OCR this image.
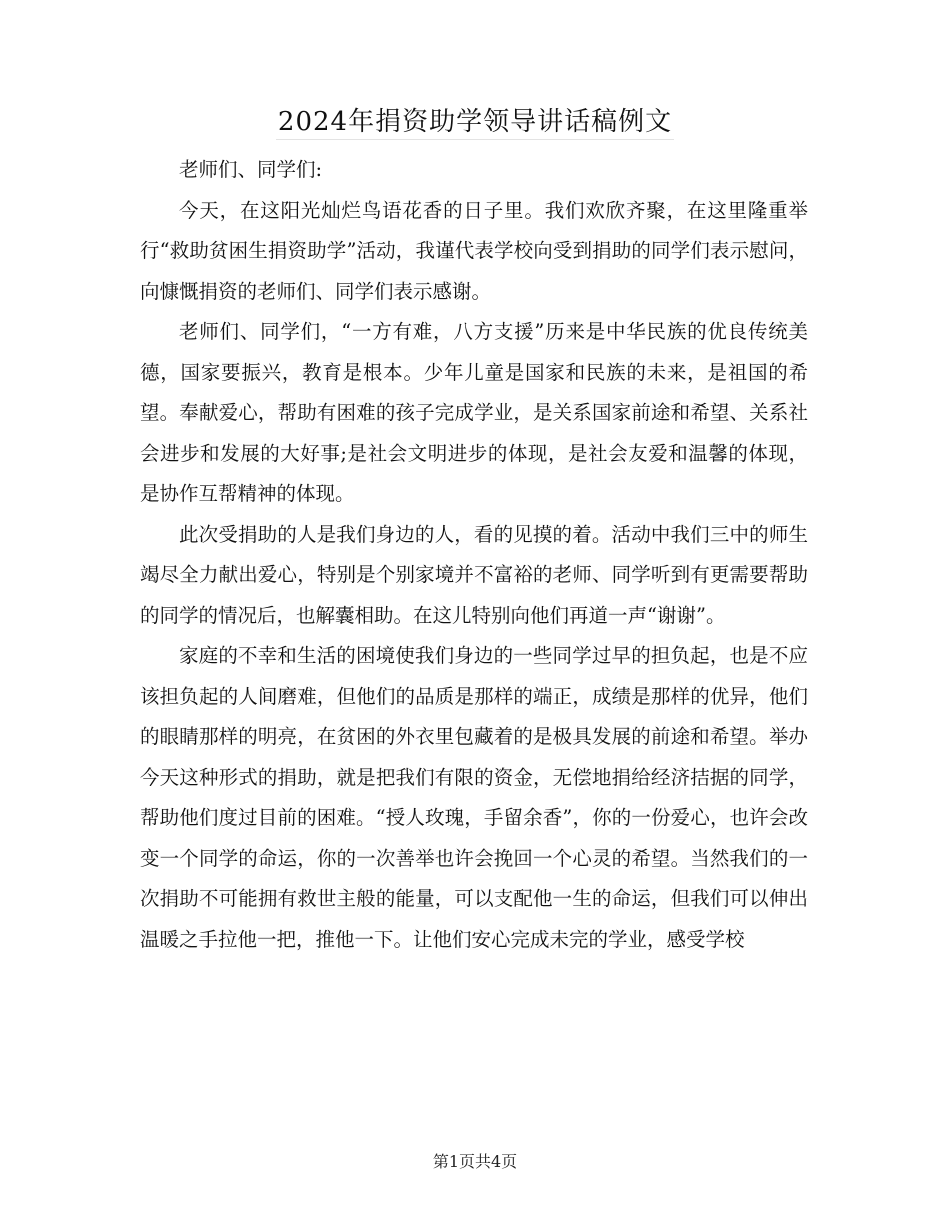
2024年捐资助学领导讲话稿例文

老师们、同学们:

今天，在这阳光灿烂鸟语花香的日子里。我们欢欣齐聚，在这里隆重举行“救助贫困生捐资助学”活动，我谨代表学校向受到捐助的同学们表示慰问，向慷慨捐资的老师们、同学们表示感谢。

老师们、同学们，“一方有难，八方支援”历来是中华民族的优良传统美德，国家要振兴，教育是根本。少年儿童是国家和民族的未来，是祖国的希望。奉献爱心，帮助有困难的孩子完成学业，是关系国家前途和希望、关系社会进步和发展的大好事;是社会文明进步的体现，是社会友爱和温馨的体现，是协作互帮精神的体现。

此次受捐助的人是我们身边的人，看的见摸的着。活动中我们三中的师生竭尽全力献出爱心，特别是个别家境并不富裕的老师、同学听到有更需要帮助的同学的情况后，也解囊相助。在这儿特别向他们再道一声“谢谢”。

家庭的不幸和生活的困境使我们身边的一些同学过早的担负起，也是不应该担负起的人间磨难，但他们的品质是那样的端正，成绩是那样的优异，他们的眼睛那样的明亮，在贫困的外衣里包藏着的是极具发展的前途和希望。举办今天这种形式的捐助，就是把我们有限的资金，无偿地捐给经济拮据的同学，帮助他们度过目前的困难。“授人玫瑰，手留余香”，你的一份爱心，也许会改变一个同学的命运，你的一次善举也许会挽回一个心灵的希望。当然我们的一次捐助不可能拥有救世主般的能量，可以支配他一生的命运，但我们可以伸出温暖之手拉他一把，推他一下。让他们安心完成未完的学业，感受学校

第1页共4页
